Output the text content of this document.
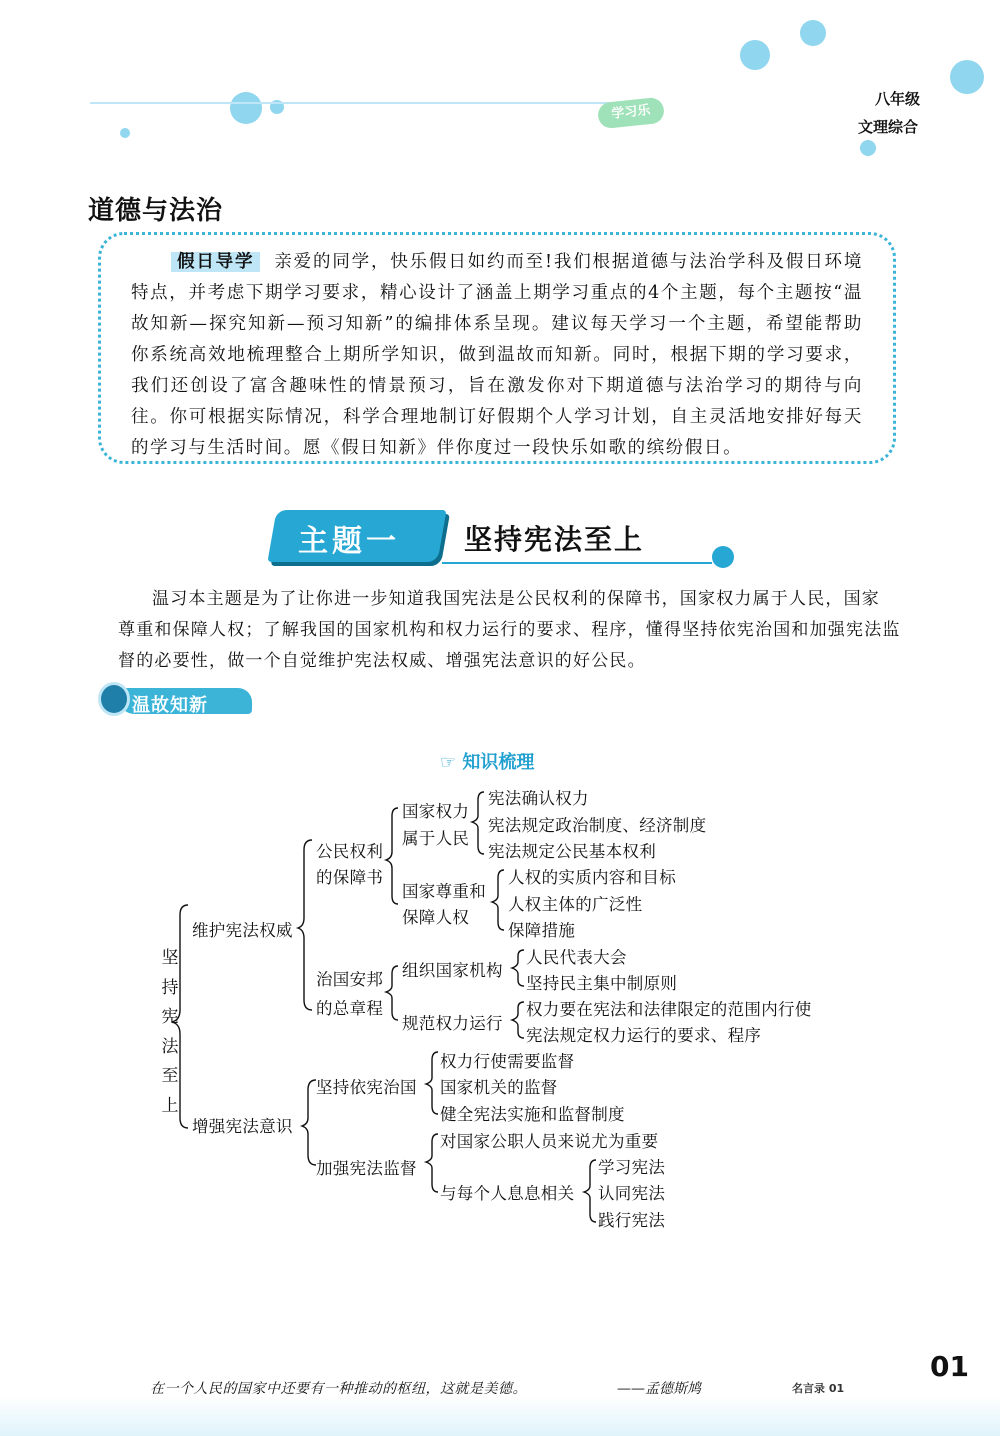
学习乐
八年级
文理综合
道德与法治
假日导学 亲爱的同学，快乐假日如约而至!我们根据道德与法治学科及假日环境特点，并考虑下期学习要求，精心设计了涵盖上期学习重点的4个主题，每个主题按“温故知新—探究知新—预习知新”的编排体系呈现。建议每天学习一个主题，希望能帮助你系统高效地梳理整合上期所学知识，做到温故而知新。同时，根据下期的学习要求，我们还创设了富含趣味性的情景预习，旨在激发你对下期道德与法治学习的期待与向往。你可根据实际情况，科学合理地制订好假期个人学习计划，自主灵活地安排好每天的学习与生活时间。愿《假日知新》伴你度过一段快乐如歌的缤纷假日。
主题一 坚持宪法至上
温习本主题是为了让你进一步知道我国宪法是公民权利的保障书，国家权力属于人民，国家
尊重和保障人权；了解我国的国家机构和权力运行的要求、程序，懂得坚持依宪治国和加强宪法监
督的必要性，做一个自觉维护宪法权威、增强宪法意识的好公民。
温故知新
☞ 知识梳理
坚持宪法至上
维护宪法权威
增强宪法意识
公民权利
的保障书
治国安邦
的总章程
坚持依宪治国
加强宪法监督
国家权力
属于人民
国家尊重和
保障人权
组织国家机构
规范权力运行
与每个人息息相关
宪法确认权力
宪法规定政治制度、经济制度
宪法规定公民基本权利
人权的实质内容和目标
人权主体的广泛性
保障措施
人民代表大会
坚持民主集中制原则
权力要在宪法和法律限定的范围内行使
宪法规定权力运行的要求、程序
权力行使需要监督
国家机关的监督
健全宪法实施和监督制度
对国家公职人员来说尤为重要
学习宪法
认同宪法
践行宪法
在一个人民的国家中还要有一种推动的枢纽，这就是美德。	——孟德斯鸠	名言录 01
01
